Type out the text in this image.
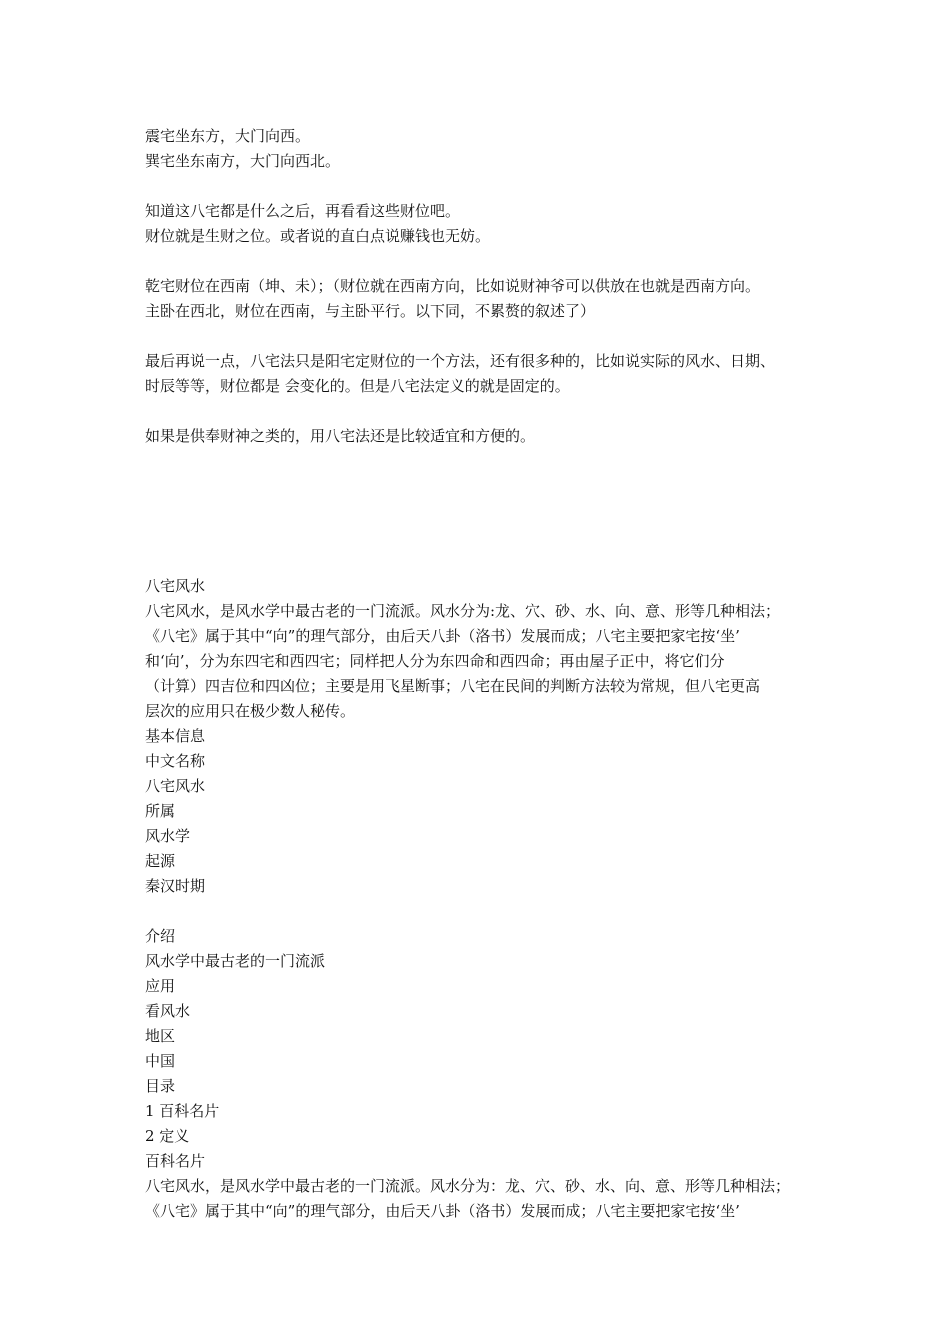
震宅坐东方，大门向西。
巽宅坐东南方，大门向西北。
知道这八宅都是什么之后，再看看这些财位吧。
财位就是生财之位。或者说的直白点说赚钱也无妨。
乾宅财位在西南（坤、未）；（财位就在西南方向，比如说财神爷可以供放在也就是西南方向。
主卧在西北，财位在西南，与主卧平行。以下同，不累赘的叙述了）
最后再说一点，八宅法只是阳宅定财位的一个方法，还有很多种的，比如说实际的风水、日期、
时辰等等，财位都是 会变化的。但是八宅法定义的就是固定的。
如果是供奉财神之类的，用八宅法还是比较适宜和方便的。
八宅风水
八宅风水，是风水学中最古老的一门流派。风水分为:龙、穴、砂、水、向、意、形等几种相法；
《八宅》属于其中“向”的理气部分，由后天八卦（洛书）发展而成；八宅主要把家宅按‘坐’
和‘向’，分为东四宅和西四宅；同样把人分为东四命和西四命；再由屋子正中，将它们分
（计算）四吉位和四凶位；主要是用飞星断事；八宅在民间的判断方法较为常规，但八宅更高
层次的应用只在极少数人秘传。
基本信息
中文名称
八宅风水
所属
风水学
起源
秦汉时期
介绍
风水学中最古老的一门流派
应用
看风水
地区
中国
目录
1 百科名片
2 定义
百科名片
八宅风水，是风水学中最古老的一门流派。风水分为：龙、穴、砂、水、向、意、形等几种相法；
《八宅》属于其中“向”的理气部分，由后天八卦（洛书）发展而成；八宅主要把家宅按‘坐’
